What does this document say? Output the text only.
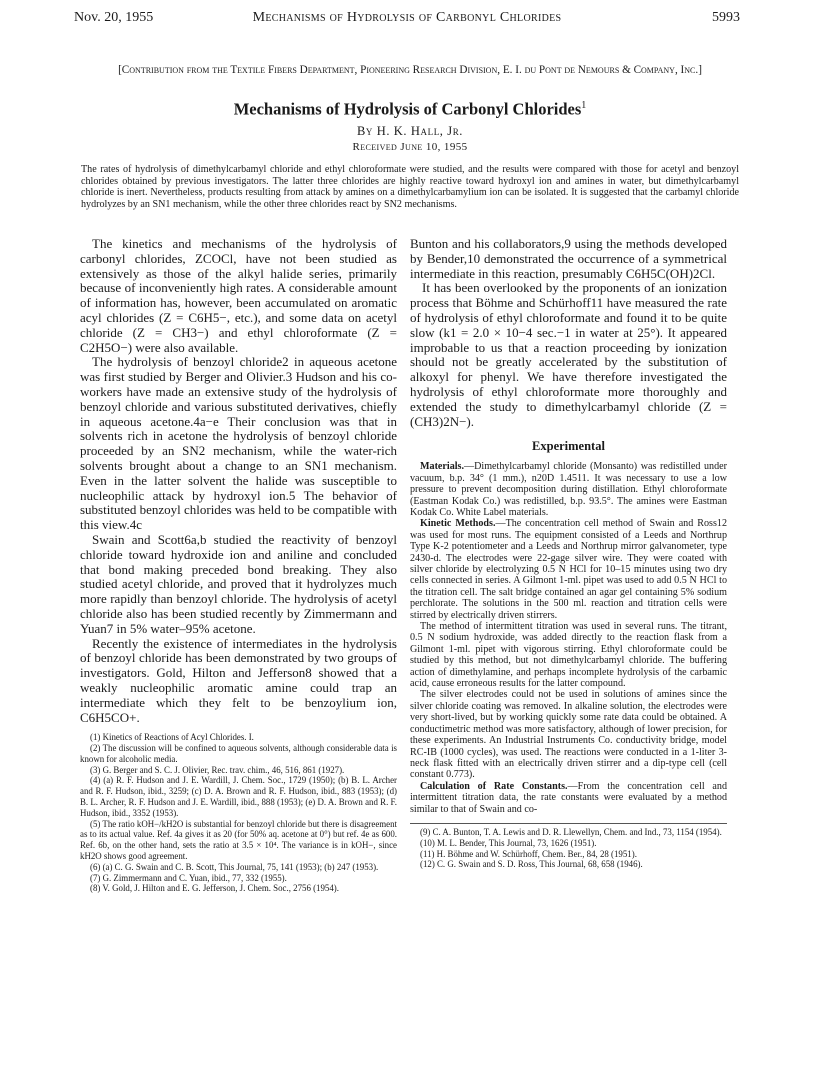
Nov. 20, 1955	Mechanisms of Hydrolysis of Carbonyl Chlorides	5993
[Contribution from the Textile Fibers Department, Pioneering Research Division, E. I. du Pont de Nemours & Company, Inc.]
Mechanisms of Hydrolysis of Carbonyl Chlorides$^1$
By H. K. Hall, Jr.
Received June 10, 1955

The rates of hydrolysis of dimethylcarbamyl chloride and ethyl chloroformate were studied, and the results were compared with those for acetyl and benzoyl chlorides obtained by previous investigators. The latter three chlorides are highly reactive toward hydroxyl ion and amines in water, but dimethylcarbamyl chloride is inert. Nevertheless, products resulting from attack by amines on a dimethylcarbamylium ion can be isolated. It is suggested that the carbamyl chloride hydrolyzes by an SN1 mechanism, while the other three chlorides react by SN2 mechanisms.

The kinetics and mechanisms of the hydrolysis of carbonyl chlorides, ZCOCl, have not been studied as extensively as those of the alkyl halide series, primarily because of inconveniently high rates. A considerable amount of information has, however, been accumulated on aromatic acyl chlorides (Z = C6H5−, etc.), and some data on acetyl chloride (Z = CH3−) and ethyl chloroformate (Z = C2H5O−) were also available.

The hydrolysis of benzoyl chloride2 in aqueous acetone was first studied by Berger and Olivier.3 Hudson and his co-workers have made an extensive study of the hydrolysis of benzoyl chloride and various substituted derivatives, chiefly in aqueous acetone.4a−e Their conclusion was that in solvents rich in acetone the hydrolysis of benzoyl chloride proceeded by an SN2 mechanism, while the water-rich solvents brought about a change to an SN1 mechanism. Even in the latter solvent the halide was susceptible to nucleophilic attack by hydroxyl ion.5 The behavior of substituted benzoyl chlorides was held to be compatible with this view.4c

Swain and Scott6a,b studied the reactivity of benzoyl chloride toward hydroxide ion and aniline and concluded that bond making preceded bond breaking. They also studied acetyl chloride, and proved that it hydrolyzes much more rapidly than benzoyl chloride. The hydrolysis of acetyl chloride also has been studied recently by Zimmermann and Yuan7 in 5% water–95% acetone.

Recently the existence of intermediates in the hydrolysis of benzoyl chloride has been demonstrated by two groups of investigators. Gold, Hilton and Jefferson8 showed that a weakly nucleophilic aromatic amine could trap an intermediate which they felt to be benzoylium ion, C6H5CO+.

(1) Kinetics of Reactions of Acyl Chlorides. I.

(2) The discussion will be confined to aqueous solvents, although considerable data is known for alcoholic media.

(3) G. Berger and S. C. J. Olivier, Rec. trav. chim., 46, 516, 861 (1927).

(4) (a) R. F. Hudson and J. E. Wardill, J. Chem. Soc., 1729 (1950); (b) B. L. Archer and R. F. Hudson, ibid., 3259; (c) D. A. Brown and R. F. Hudson, ibid., 883 (1953); (d) B. L. Archer, R. F. Hudson and J. E. Wardill, ibid., 888 (1953); (e) D. A. Brown and R. F. Hudson, ibid., 3352 (1953).

(5) The ratio kOH−/kH2O is substantial for benzoyl chloride but there is disagreement as to its actual value. Ref. 4a gives it as 20 (for 50% aq. acetone at 0°) but ref. 4e as 600. Ref. 6b, on the other hand, sets the ratio at 3.5 × 10⁴. The variance is in kOH−, since kH2O shows good agreement.

(6) (a) C. G. Swain and C. B. Scott, This Journal, 75, 141 (1953); (b) 247 (1953).

(7) G. Zimmermann and C. Yuan, ibid., 77, 332 (1955).

(8) V. Gold, J. Hilton and E. G. Jefferson, J. Chem. Soc., 2756 (1954).

Bunton and his collaborators,9 using the methods developed by Bender,10 demonstrated the occurrence of a symmetrical intermediate in this reaction, presumably C6H5C(OH)2Cl.

It has been overlooked by the proponents of an ionization process that Böhme and Schürhoff11 have measured the rate of hydrolysis of ethyl chloroformate and found it to be quite slow (k1 = 2.0 × 10−4 sec.−1 in water at 25°). It appeared improbable to us that a reaction proceeding by ionization should not be greatly accelerated by the substitution of alkoxyl for phenyl. We have therefore investigated the hydrolysis of ethyl chloroformate more thoroughly and extended the study to dimethylcarbamyl chloride (Z = (CH3)2N−).

Experimental

Materials.—Dimethylcarbamyl chloride (Monsanto) was redistilled under vacuum, b.p. 34° (1 mm.), n20D 1.4511. It was necessary to use a low pressure to prevent decomposition during distillation. Ethyl chloroformate (Eastman Kodak Co.) was redistilled, b.p. 93.5°. The amines were Eastman Kodak Co. White Label materials.

Kinetic Methods.—The concentration cell method of Swain and Ross12 was used for most runs. The equipment consisted of a Leeds and Northrup Type K-2 potentiometer and a Leeds and Northrup mirror galvanometer, type 2430-d. The electrodes were 22-gage silver wire. They were coated with silver chloride by electrolyzing 0.5 N HCl for 10–15 minutes using two dry cells connected in series. A Gilmont 1-ml. pipet was used to add 0.5 N HCl to the titration cell. The salt bridge contained an agar gel containing 5% sodium perchlorate. The solutions in the 500 ml. reaction and titration cells were stirred by electrically driven stirrers.

The method of intermittent titration was used in several runs. The titrant, 0.5 N sodium hydroxide, was added directly to the reaction flask from a Gilmont 1-ml. pipet with vigorous stirring. Ethyl chloroformate could be studied by this method, but not dimethylcarbamyl chloride. The buffering action of dimethylamine, and perhaps incomplete hydrolysis of the carbamic acid, cause erroneous results for the latter compound.

The silver electrodes could not be used in solutions of amines since the silver chloride coating was removed. In alkaline solution, the electrodes were very short-lived, but by working quickly some rate data could be obtained. A conductimetric method was more satisfactory, although of lower precision, for these experiments. An Industrial Instruments Co. conductivity bridge, model RC-IB (1000 cycles), was used. The reactions were conducted in a 1-liter 3-neck flask fitted with an electrically driven stirrer and a dip-type cell (cell constant 0.773).

Calculation of Rate Constants.—From the concentration cell and intermittent titration data, the rate constants were evaluated by a method similar to that of Swain and co-

(9) C. A. Bunton, T. A. Lewis and D. R. Llewellyn, Chem. and Ind., 73, 1154 (1954).

(10) M. L. Bender, This Journal, 73, 1626 (1951).

(11) H. Böhme and W. Schürhoff, Chem. Ber., 84, 28 (1951).

(12) C. G. Swain and S. D. Ross, This Journal, 68, 658 (1946).
